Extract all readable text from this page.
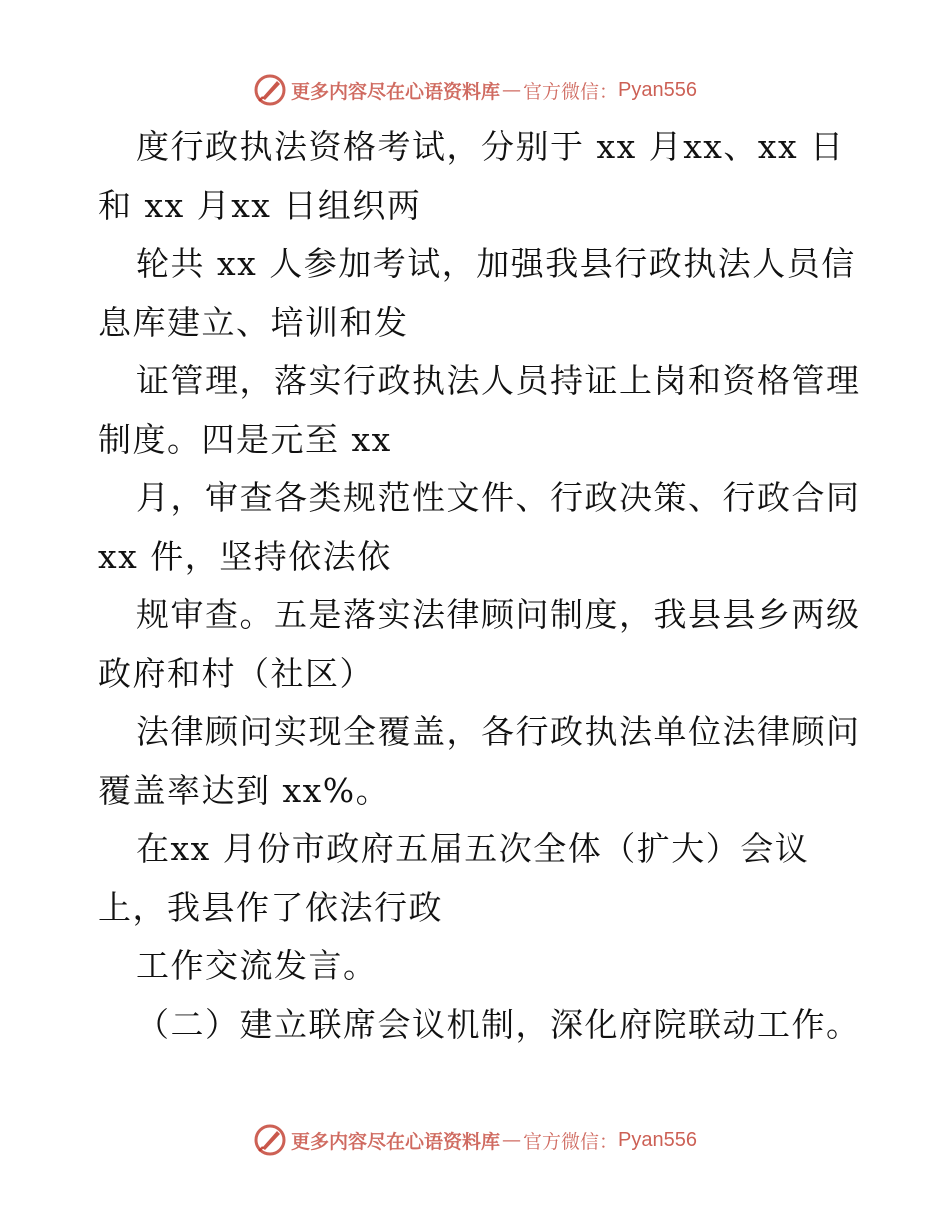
更多内容尽在心语资料库 — 官方微信： Pyan556
度行政执法资格考试，分别于 xx 月xx、xx 日
和 xx 月xx 日组织两
轮共 xx 人参加考试，加强我县行政执法人员信
息库建立、培训和发
证管理，落实行政执法人员持证上岗和资格管理
制度。四是元至 xx
月，审查各类规范性文件、行政决策、行政合同
xx 件，坚持依法依
规审查。五是落实法律顾问制度，我县县乡两级
政府和村（社区）
法律顾问实现全覆盖，各行政执法单位法律顾问
覆盖率达到 xx%。
在xx 月份市政府五届五次全体（扩大）会议
上，我县作了依法行政
工作交流发言。
（二）建立联席会议机制，深化府院联动工作。
更多内容尽在心语资料库 — 官方微信： Pyan556
